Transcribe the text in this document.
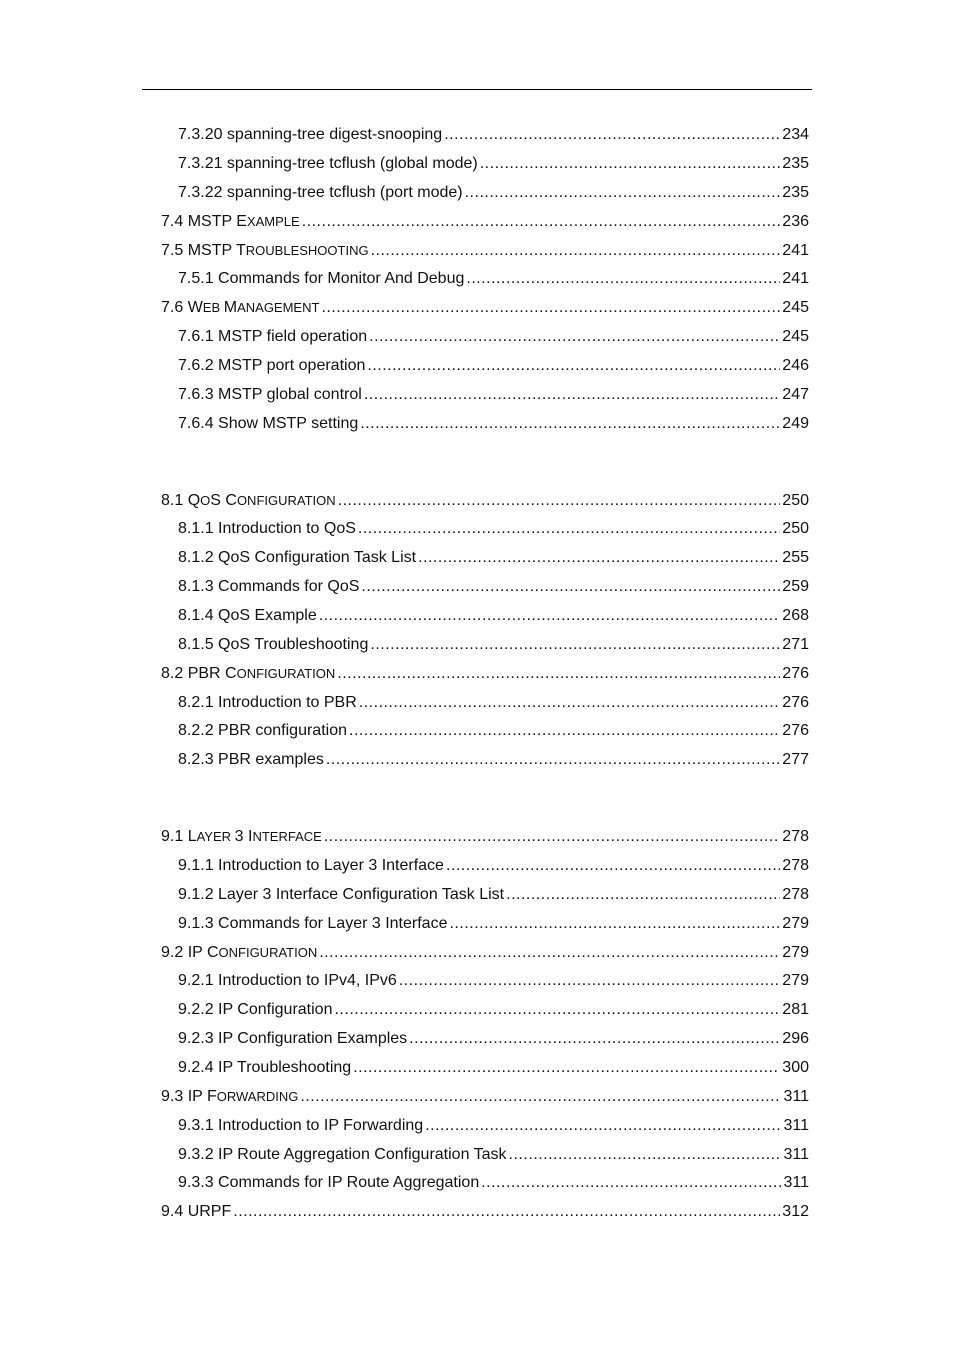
7.3.20 spanning-tree digest-snooping .....	234
7.3.21 spanning-tree tcflush (global mode) .....	235
7.3.22 spanning-tree tcflush (port mode) .....	235
7.4 MSTP EXAMPLE .....	236
7.5 MSTP TROUBLESHOOTING .....	241
7.5.1 Commands for Monitor And Debug .....	241
7.6 WEB MANAGEMENT .....	245
7.6.1 MSTP field operation .....	245
7.6.2 MSTP port operation .....	246
7.6.3 MSTP global control .....	247
7.6.4 Show MSTP setting .....	249
8.1 QOS CONFIGURATION .....	250
8.1.1 Introduction to QoS .....	250
8.1.2 QoS Configuration Task List .....	255
8.1.3 Commands for QoS .....	259
8.1.4 QoS Example .....	268
8.1.5 QoS Troubleshooting .....	271
8.2 PBR CONFIGURATION .....	276
8.2.1 Introduction to PBR .....	276
8.2.2 PBR configuration .....	276
8.2.3 PBR examples .....	277
9.1 LAYER 3 INTERFACE .....	278
9.1.1 Introduction to Layer 3 Interface .....	278
9.1.2 Layer 3 Interface Configuration Task List .....	278
9.1.3 Commands for Layer 3 Interface .....	279
9.2 IP CONFIGURATION .....	279
9.2.1 Introduction to IPv4, IPv6 .....	279
9.2.2 IP Configuration .....	281
9.2.3 IP Configuration Examples .....	296
9.2.4 IP Troubleshooting .....	300
9.3 IP FORWARDING .....	311
9.3.1 Introduction to IP Forwarding .....	311
9.3.2 IP Route Aggregation Configuration Task .....	311
9.3.3 Commands for IP Route Aggregation .....	311
9.4 URPF .....	312
